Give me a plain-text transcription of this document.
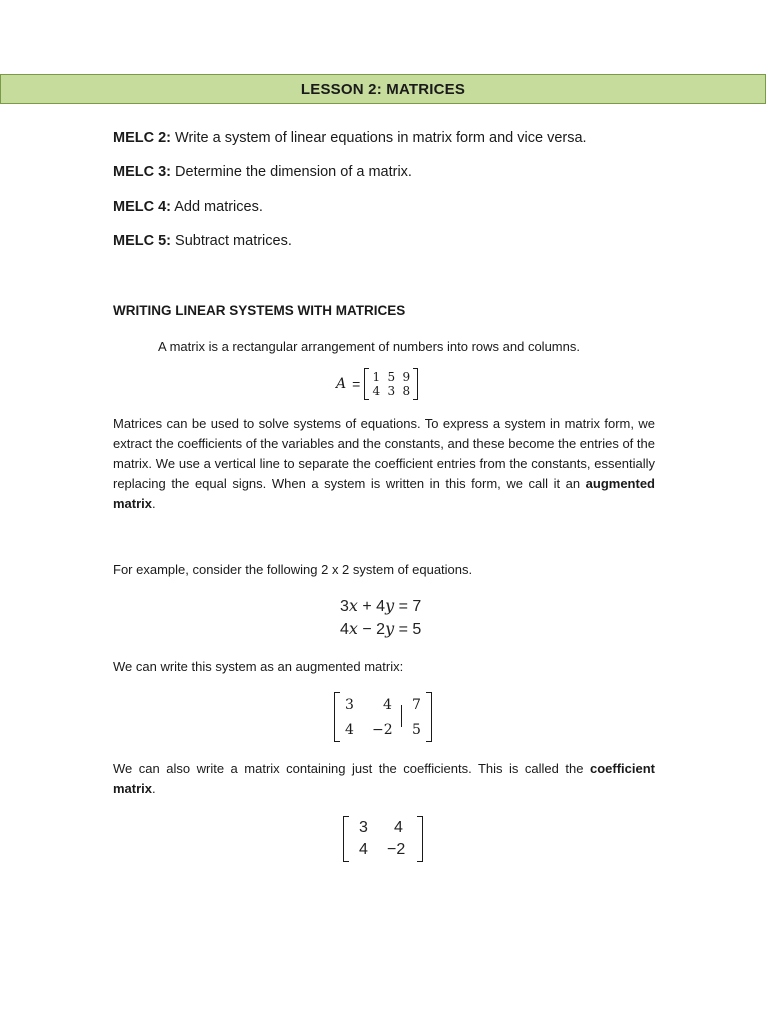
LESSON 2: MATRICES
MELC 2: Write a system of linear equations in matrix form and vice versa.
MELC 3: Determine the dimension of a matrix.
MELC 4: Add matrices.
MELC 5: Subtract matrices.
WRITING LINEAR SYSTEMS WITH MATRICES
A matrix is a rectangular arrangement of numbers into rows and columns.
A = 1 5 9
4 3 8
Matrices can be used to solve systems of equations. To express a system in matrix form, we extract the coefficients of the variables and the constants, and these become the entries of the matrix. We use a vertical line to separate the coefficient entries from the constants, essentially replacing the equal signs. When a system is written in this form, we call it an augmented matrix.
For example, consider the following 2 x 2 system of equations.
3x + 4y = 7
4x − 2y = 5
We can write this system as an augmented matrix:
3 4 7
4 −2 5
We can also write a matrix containing just the coefficients. This is called the coefficient matrix.
3 4
4 −2
